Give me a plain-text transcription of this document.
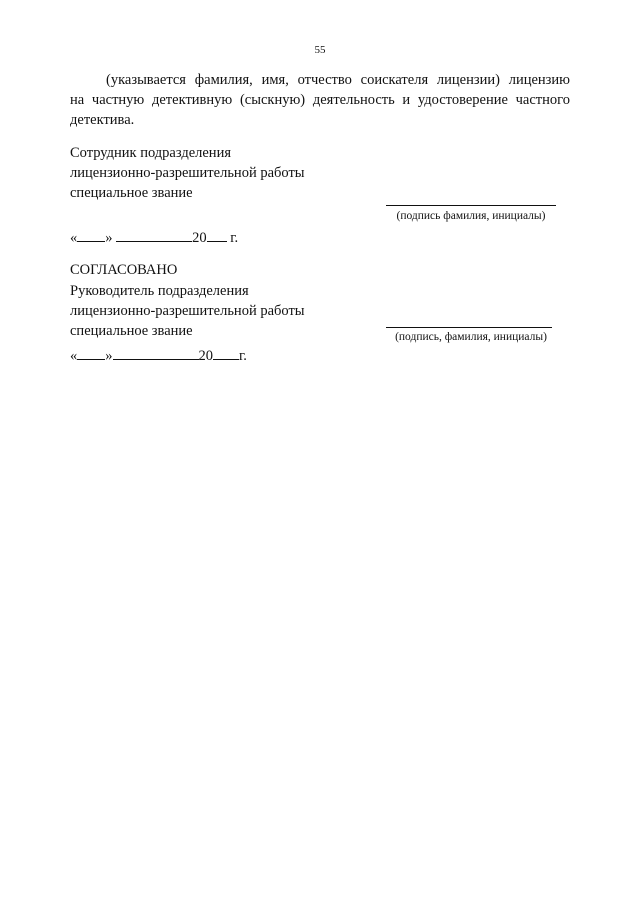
55
(указывается фамилия, имя, отчество соискателя лицензии) лицензию
на частную детективную (сыскную) деятельность и удостоверение частного
детектива.
Сотрудник подразделения
лицензионно-разрешительной работы
специальное звание
(подпись фамилия, инициалы)
« »	20 г.
СОГЛАСОВАНО
Руководитель подразделения
лицензионно-разрешительной работы
специальное звание	(подпись, фамилия, инициалы)
« »	20 г.
